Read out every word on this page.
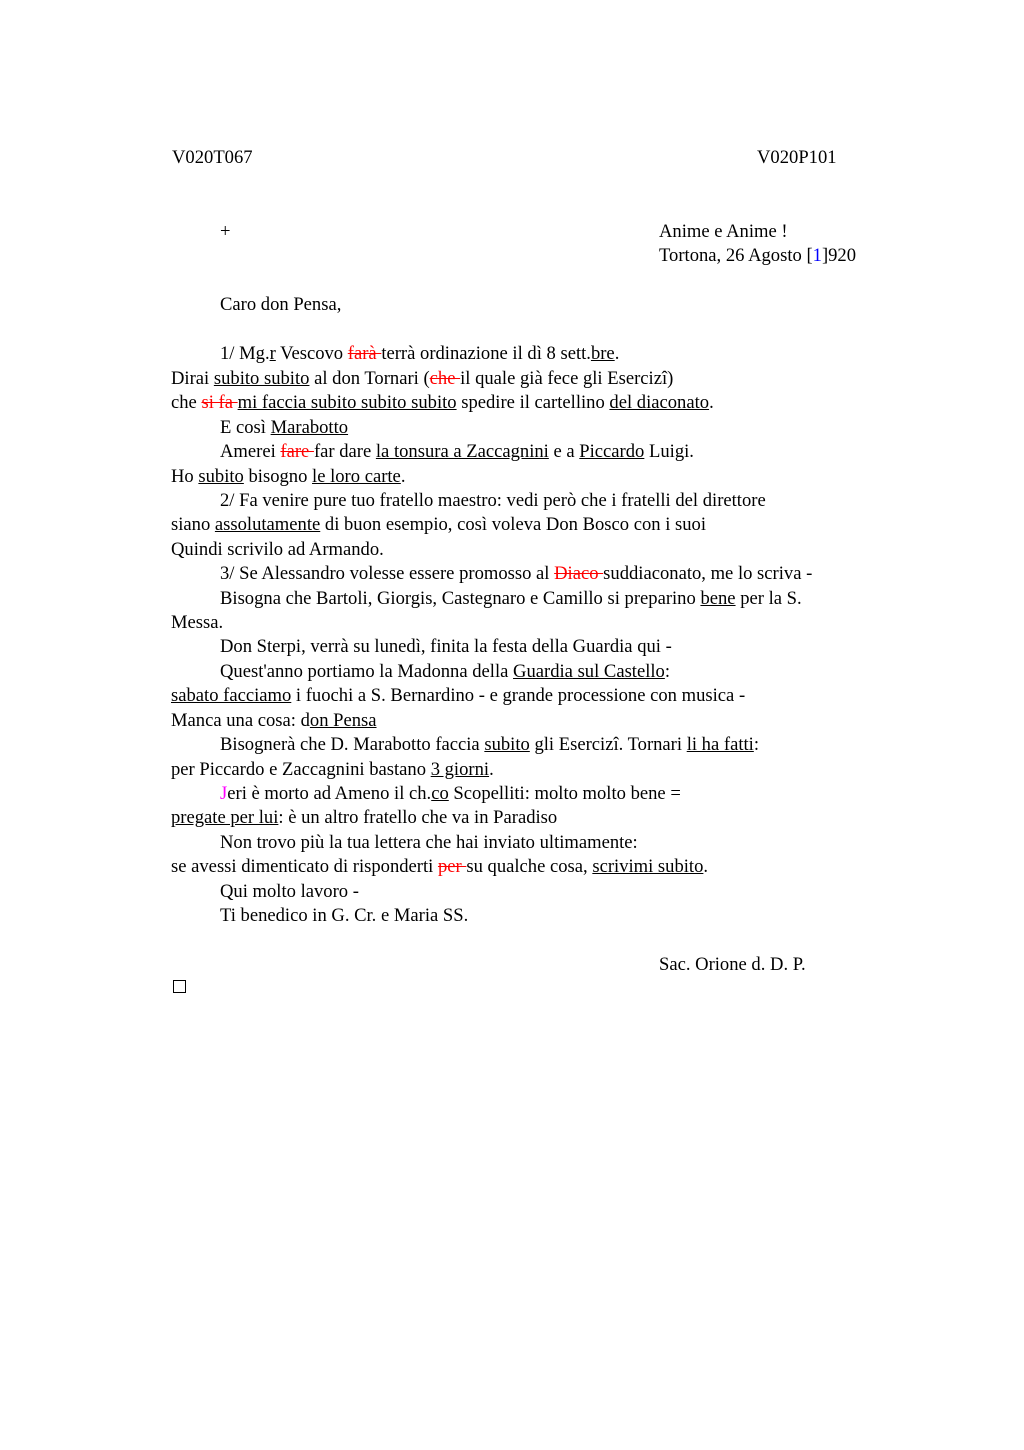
V020T067	V020P101
+	Anime e Anime !
Tortona, 26 Agosto [1]920
Caro don Pensa,
1/ Mg.r Vescovo farà terrà ordinazione il dì 8 sett.bre.
Dirai subito subito al don Tornari (che il quale già fece gli Esercizi)
che si fa mi faccia subito subito subito spedire il cartellino del diaconato.
E così Marabotto
Amerei fare far dare la tonsura a Zaccagnini e a Piccardo Luigi.
Ho subito bisogno le loro carte.
2/ Fa venire pure tuo fratello maestro: vedi però che i fratelli del direttore
siano assolutamente di buon esempio, così voleva Don Bosco con i suoi
Quindi scrivilo ad Armando.
3/ Se Alessandro volesse essere promosso al Diaco suddiaconato, me lo scriva -
Bisogna che Bartoli, Giorgis, Castegnaro e Camillo si preparino bene per la S.
Messa.
Don Sterpi, verrà su lunedì, finita la festa della Guardia qui -
Quest'anno portiamo la Madonna della Guardia sul Castello:
sabato facciamo i fuochi a S. Bernardino - e grande processione con musica -
Manca una cosa: don Pensa
Bisognerà che D. Marabotto faccia subito gli Esercizi. Tornari li ha fatti:
per Piccardo e Zaccagnini bastano 3 giorni.
Jeri è morto ad Ameno il ch.co Scopelliti: molto molto bene =
pregate per lui: è un altro fratello che va in Paradiso
Non trovo più la tua lettera che hai inviato ultimamente:
se avessi dimenticato di risponderti per su qualche cosa, scrivimi subito.
Qui molto lavoro -
Ti benedico in G. Cr. e Maria SS.
Sac. Orione d. D. P.
